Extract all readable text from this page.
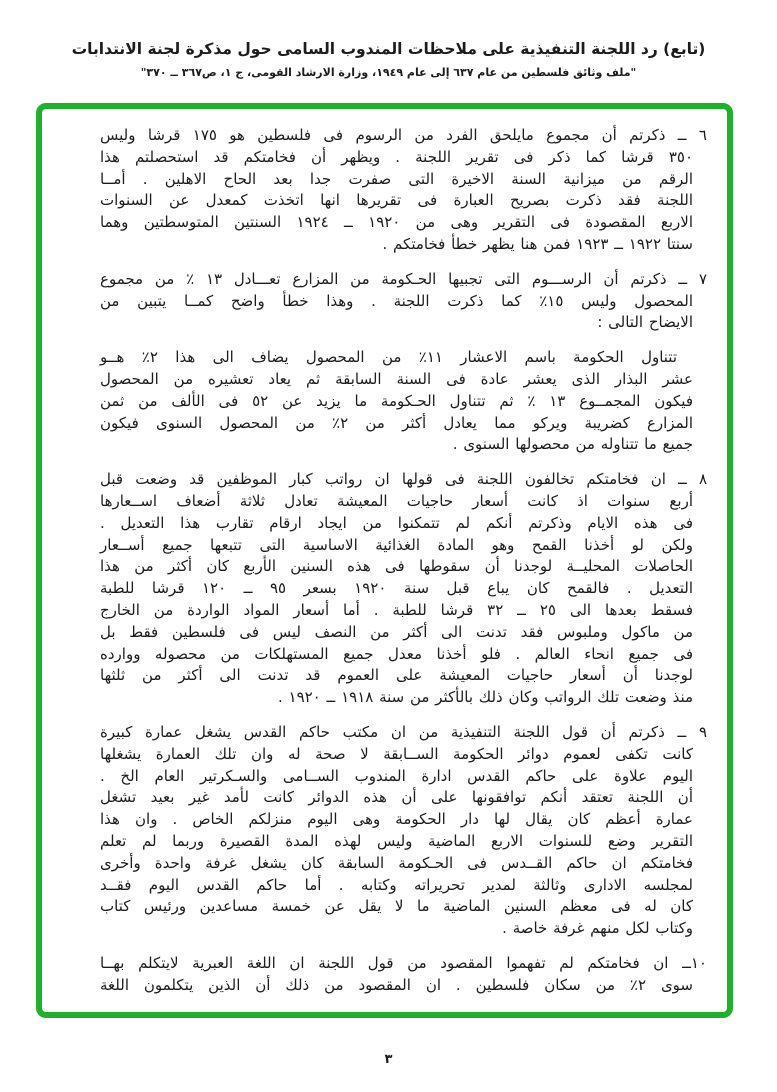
(تابع) رد اللجنة التنفيذية على ملاحظات المندوب السامى حول مذكرة لجنة الانتدابات
"ملف وثائق فلسطين من عام ٦٣٧ إلى عام ١٩٤٩، وزارة الارشاد القومى، ج ١، ص٣٦٧ ــ ٣٧٠"
٦ ــ ذكرتم أن مجموع مايلحق الفرد من الرسوم فى فلسطين هو ١٧٥ قرشا وليس
٣٥٠ قرشا كما ذكر فى تقرير اللجنة . ويظهر أن فخامتكم قد استحصلتم هذا
الرقم من ميزانية السنة الاخيرة التى صفرت جدا بعد الحاح الاهلين . أمــا
اللجنة فقد ذكرت بصريح العبارة فى تقريرها انها اتخذت كمعدل عن السنوات
الاربع المقصودة فى التقرير وهى من ١٩٢٠ ــ ١٩٢٤ السنتين المتوسطتين وهما
سنتا ١٩٢٢ ــ ١٩٢٣ فمن هنا يظهر خطأ فخامتكم .
٧ ــ ذكرتم أن الرســـوم التى تجبيها الحـكومة من المزارع تعـــادل ١٣ ٪ من مجموع
المحصول وليس ١٥٪ كما ذكرت اللجنة . وهذا خطأ واضح كمــا يتبين من
الايضاح التالى :
تتناول الحكومة باسم الاعشار ١١٪ من المحصول يضاف الى هذا ٢٪ هــو
عشر البذار الذى يعشر عادة فى السنة السابقة ثم يعاد تعشيره من المحصول
فيكون المجمــوع ١٣ ٪ ثم تتناول الحـكومة ما يزيد عن ٥٢ فى الألف من ثمن
المزارع كضريبة ويركو مما يعادل أكثر من ٢٪ من المحصول السنوى فيكون
جميع ما تتناوله من محصولها السنوى .
٨ ــ ان فخامتكم تخالفون اللجنة فى قولها ان رواتب كبار الموظفين قد وضعت قبل
أربع سنوات اذ كانت أسعار حاجيات المعيشة تعادل ثلاثة أضعاف اســعارها
فى هذه الايام وذكرتم أنكم لم تتمكنوا من ايجاد ارقام تقارب هذا التعديل .
ولكن لو أخذنا القمح وهو المادة الغذائية الاساسية التى تتبعها جميع أســعار
الحاصلات المحليــة لوجدنا أن سقوطها فى هذه السنين الأربع كان أكثر من هذا
التعديل . فالقمح كان يباع قبل سنة ١٩٢٠ بسعر ٩٥ ــ ١٢٠ قرشا للطبة
فسقط بعدها الى ٢٥ ــ ٣٢ قرشا للطبة . أما أسعار المواد الواردة من الخارج
من ماكول وملبوس فقد تدنت الى أكثر من النصف ليس فى فلسطين فقط بل
فى جميع انحاء العالم . فلو أخذنا معدل جميع المستهلكات من محصوله ووارده
لوجدنا أن أسعار حاجيات المعيشة على العموم قد تدنت الى أكثر من ثلثها
منذ وضعت تلك الرواتب وكان ذلك بالأكثر من سنة ١٩١٨ ــ ١٩٢٠ .
٩ ــ ذكرتم أن قول اللجنة التنفيذية من ان مكتب حاكم القدس يشغل عمارة كبيرة
كانت تكفى لعموم دوائر الحكومة الســابقة لا صحة له وان تلك العمارة يشغلها
اليوم علاوة على حاكم القدس ادارة المندوب الســامى والسـكرتير العام الخ .
أن اللجنة تعتقد أنكم توافقونها على أن هذه الدوائر كانت لأمد غير بعيد تشغل
عمارة أعظم كان يقال لها دار الحكومة وهى اليوم منزلكم الخاص . وان هذا
التقرير وضع للسنوات الاربع الماضية وليس لهذه المدة القصيرة وربما لم تعلم
فخامتكم ان حاكم القــدس فى الحـكومة السابقة كان يشغل غرفة واحدة وأخرى
لمجلسه الادارى وثالثة لمدير تحريراته وكتابه . أما حاكم القدس اليوم فقــد
كان له فى معظم السنين الماضية ما لا يقل عن خمسة مساعدين ورئيس كتاب
وكتاب لكل منهم غرفة خاصة .
١٠ــ ان فخامتكم لم تفهموا المقصود من قول اللجنة ان اللغة العبرية لايتكلم بهــا
سوى ٢٪ من سكان فلسطين . ان المقصود من ذلك أن الذين يتكلمون اللغة
٣
